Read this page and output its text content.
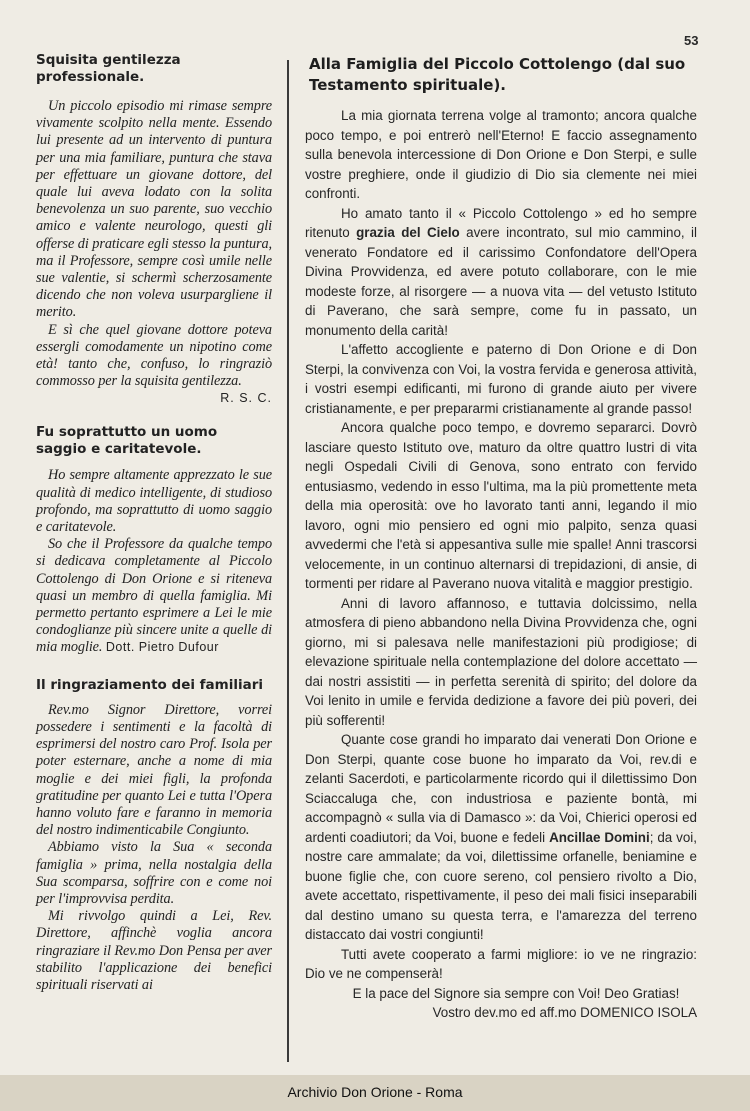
53
Squisita gentilezza professionale.

Un piccolo episodio mi rimase sempre vivamente scolpito nella mente. Essendo lui presente ad un intervento di puntura per una mia familiare, puntura che stava per effettuare un giovane dottore, del quale lui aveva lodato con la solita benevolenza un suo parente, suo vecchio amico e valente neurologo, questi gli offerse di praticare egli stesso la puntura, ma il Professore, sempre così umile nelle sue valentie, si schermì scherzosamente dicendo che non voleva usurpargliene il merito.

E sì che quel giovane dottore poteva essergli comodamente un nipotino come età! tanto che, confuso, lo ringraziò commosso per la squisita gentilezza.

R. S. C.

Fu soprattutto un uomo saggio e caritatevole.

Ho sempre altamente apprezzato le sue qualità di medico intelligente, di studioso profondo, ma soprattutto di uomo saggio e caritatevole.

So che il Professore da qualche tempo si dedicava completamente al Piccolo Cottolengo di Don Orione e si riteneva quasi un membro di quella famiglia. Mi permetto pertanto esprimere a Lei le mie condoglianze più sincere unite a quelle di mia moglie. Dott. Pietro Dufour

Il ringraziamento dei familiari

Rev.mo Signor Direttore, vorrei possedere i sentimenti e la facoltà di esprimersi del nostro caro Prof. Isola per poter esternare, anche a nome di mia moglie e dei miei figli, la profonda gratitudine per quanto Lei e tutta l'Opera hanno voluto fare e faranno in memoria del nostro indimenticabile Congiunto.

Abbiamo visto la Sua « seconda famiglia » prima, nella nostalgia della Sua scomparsa, soffrire con e come noi per l'improvvisa perdita.

Mi rivvolgo quindi a Lei, Rev. Direttore, affinchè voglia ancora ringraziare il Rev.mo Don Pensa per aver stabilito l'applicazione dei benefici spirituali riservati ai

Alla Famiglia del Piccolo Cottolengo (dal suo Testamento spirituale).

La mia giornata terrena volge al tramonto; ancora qualche poco tempo, e poi entrerò nell'Eterno! E faccio assegnamento sulla benevola intercessione di Don Orione e Don Sterpi, e sulle vostre preghiere, onde il giudizio di Dio sia clemente nei miei confronti.

Ho amato tanto il « Piccolo Cottolengo » ed ho sempre ritenuto grazia del Cielo avere incontrato, sul mio cammino, il venerato Fondatore ed il carissimo Confondatore dell'Opera Divina Provvidenza, ed avere potuto collaborare, con le mie modeste forze, al risorgere — a nuova vita — del vetusto Istituto di Paverano, che sarà sempre, come fu in passato, un monumento della carità!

L'affetto accogliente e paterno di Don Orione e di Don Sterpi, la convivenza con Voi, la vostra fervida e generosa attività, i vostri esempi edificanti, mi furono di grande aiuto per vivere cristianamente, e per prepararmi cristianamente al grande passo!

Ancora qualche poco tempo, e dovremo separarci. Dovrò lasciare questo Istituto ove, maturo da oltre quattro lustri di vita negli Ospedali Civili di Genova, sono entrato con fervido entusiasmo, vedendo in esso l'ultima, ma la più promettente meta della mia operosità: ove ho lavorato tanti anni, legando il mio lavoro, ogni mio pensiero ed ogni mio palpito, senza quasi avvedermi che l'età si appesantiva sulle mie spalle! Anni trascorsi velocemente, in un continuo alternarsi di trepidazioni, di ansie, di tormenti per ridare al Paverano nuova vitalità e maggior prestigio.

Anni di lavoro affannoso, e tuttavia dolcissimo, nella atmosfera di pieno abbandono nella Divina Provvidenza che, ogni giorno, mi si palesava nelle manifestazioni più prodigiose; di elevazione spirituale nella contemplazione del dolore accettato — dai nostri assistiti — in perfetta serenità di spirito; del dolore da Voi lenito in umile e fervida dedizione a favore dei più poveri, dei più sofferenti!

Quante cose grandi ho imparato dai venerati Don Orione e Don Sterpi, quante cose buone ho imparato da Voi, rev.di e zelanti Sacerdoti, e particolarmente ricordo qui il dilettissimo Don Sciaccaluga che, con industriosa e paziente bontà, mi accompagnò « sulla via di Damasco »: da Voi, Chierici operosi ed ardenti coadiutori; da Voi, buone e fedeli Ancillae Domini; da voi, nostre care ammalate; da voi, dilettissime orfanelle, beniamine e buone figlie che, con cuore sereno, col pensiero rivolto a Dio, avete accettato, rispettivamente, il peso dei mali fisici inseparabili dal destino umano su questa terra, e l'amarezza del terreno distaccato dai vostri congiunti!

Tutti avete cooperato a farmi migliore: io ve ne ringrazio: Dio ve ne compenserà!

E la pace del Signore sia sempre con Voi! Deo Gratias!

Vostro dev.mo ed aff.mo DOMENICO ISOLA

Archivio Don Orione - Roma
